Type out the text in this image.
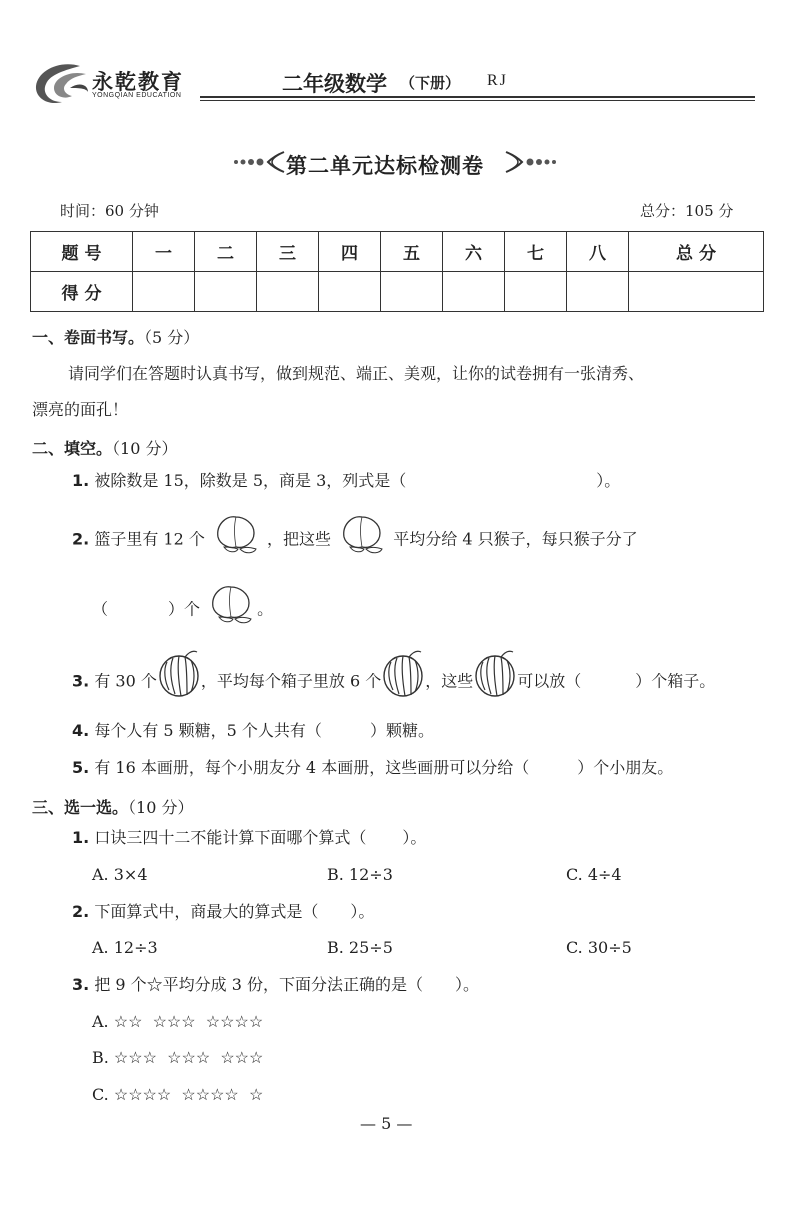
永乾教育
YONGQIAN EDUCATION	二年级数学 （下册） RJ
第二单元达标检测卷
时间：60 分钟	总分：105 分
题 号	一	二	三	四	五	六	七	八	总 分
得 分									
一、卷面书写。（5 分）
请同学们在答题时认真书写，做到规范、端正、美观，让你的试卷拥有一张清秀、
漂亮的面孔！
二、填空。（10 分）
1. 被除数是 15，除数是 5，商是 3，列式是（	）。
2. 篮子里有 12 个	，把这些	平均分给 4 只猴子，每只猴子分了
（	）个	。
3. 有 30 个	，平均每个箱子里放 6 个	，这些	可以放（	）个箱子。
4. 每个人有 5 颗糖，5 个人共有（	）颗糖。
5. 有 16 本画册，每个小朋友分 4 本画册，这些画册可以分给（	）个小朋友。
三、选一选。（10 分）
1. 口诀三四十二不能计算下面哪个算式（ ）。
A. 3×4	B. 12÷3	C. 4÷4
2. 下面算式中，商最大的算式是（ ）。
A. 12÷3	B. 25÷5	C. 30÷5
3. 把 9 个☆平均分成 3 份，下面分法正确的是（ ）。
A. ☆☆  ☆☆☆  ☆☆☆☆
B. ☆☆☆  ☆☆☆  ☆☆☆
C. ☆☆☆☆  ☆☆☆☆  ☆
— 5 —
